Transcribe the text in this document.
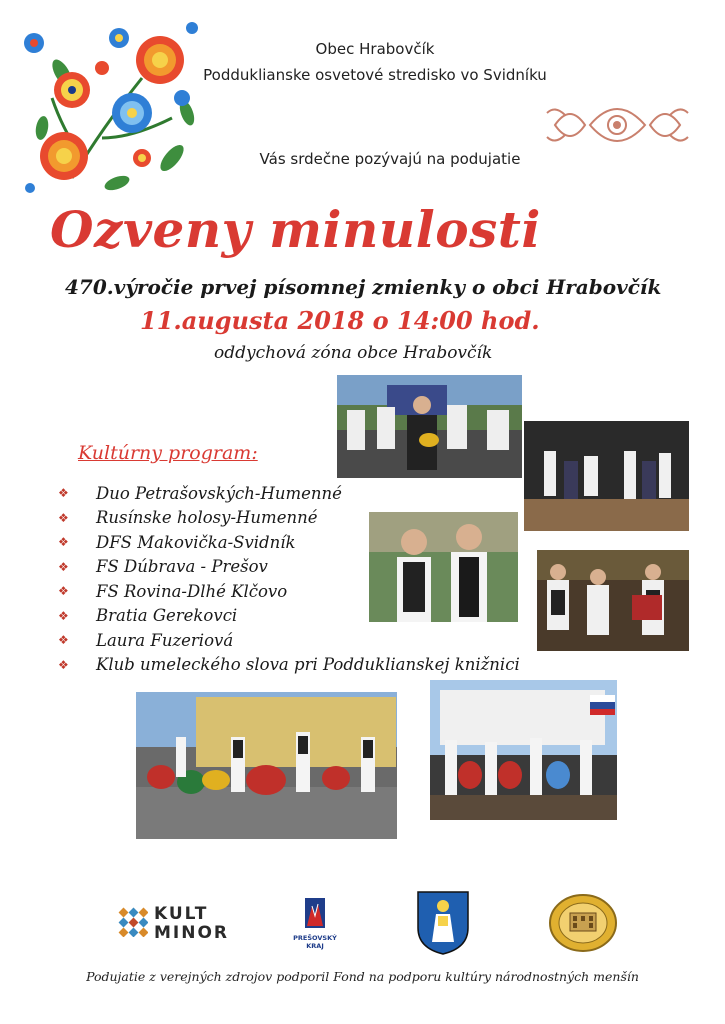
Obec Hrabovčík
Podduklianske osvetové stredisko vo Svidníku
Vás srdečne pozývajú na podujatie
Ozveny minulosti
470.výročie prvej písomnej zmienky o obci Hrabovčík
11.augusta 2018 o 14:00 hod.
oddychová zóna obce Hrabovčík
Kultúrny program:
❖	Duo Petrašovských-Humenné
❖	Rusínske holosy-Humenné
❖	DFS Makovička-Svidník
❖	FS Dúbrava - Prešov
❖	FS Rovina-Dlhé Klčovo
❖	Bratia Gerekovci
❖	Laura Fuzeriová
❖	Klub umeleckého slova pri Podduklianskej knižnici
KULT
MINOR	PREŠOVSKÝ
KRAJ
Podujatie z verejných zdrojov podporil Fond na podporu kultúry národnostných menšín
